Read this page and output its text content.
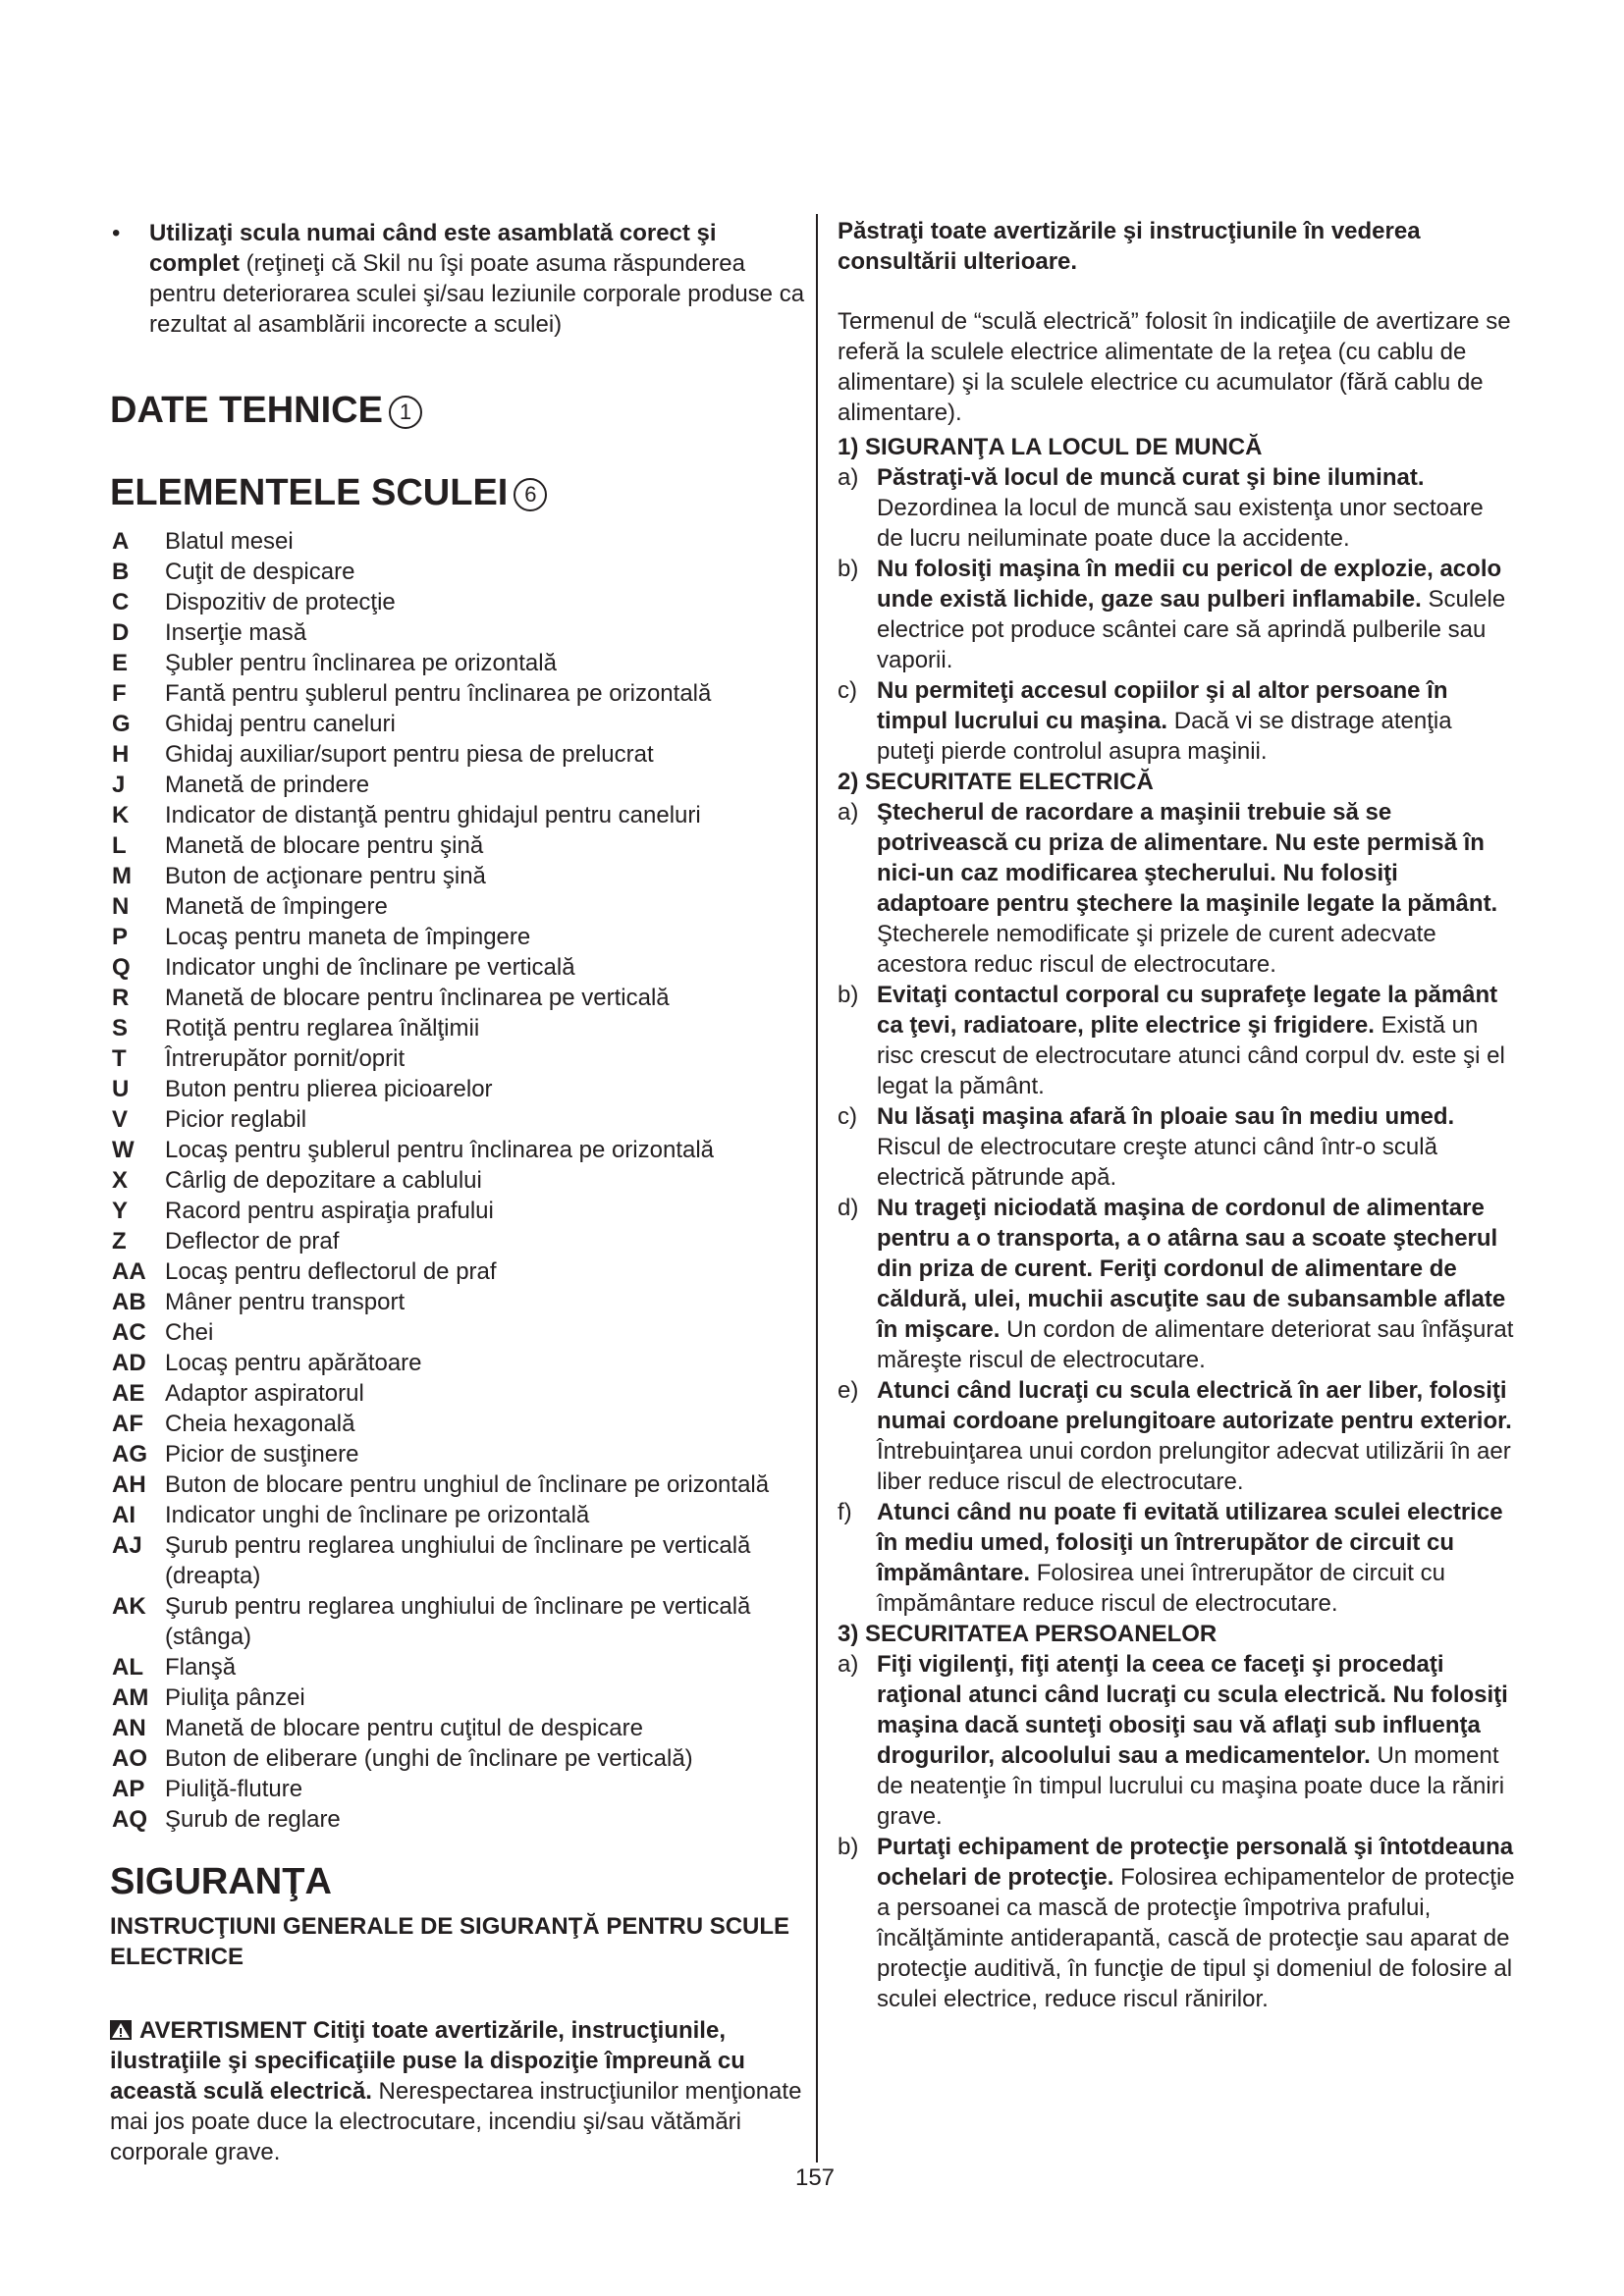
• Utilizaţi scula numai când este asamblată corect şi complet (reţineţi că Skil nu îşi poate asuma răspunderea pentru deteriorarea sculei şi/sau leziunile corporale produse ca rezultat al asamblării incorecte a sculei)
DATE TEHNICE 1
ELEMENTELE SCULEI 6
A Blatul mesei
B Cuţit de despicare
C Dispozitiv de protecţie
D Inserţie masă
E Şubler pentru înclinarea pe orizontală
F Fantă pentru şublerul pentru înclinarea pe orizontală
G Ghidaj pentru caneluri
H Ghidaj auxiliar/suport pentru piesa de prelucrat
J Manetă de prindere
K Indicator de distanţă pentru ghidajul pentru caneluri
L Manetă de blocare pentru şină
M Buton de acţionare pentru şină
N Manetă de împingere
P Locaş pentru maneta de împingere
Q Indicator unghi de înclinare pe verticală
R Manetă de blocare pentru înclinarea pe verticală
S Rotiţă pentru reglarea înălţimii
T Întrerupător pornit/oprit
U Buton pentru plierea picioarelor
V Picior reglabil
W Locaş pentru şublerul pentru înclinarea pe orizontală
X Cârlig de depozitare a cablului
Y Racord pentru aspiraţia prafului
Z Deflector de praf
AA Locaş pentru deflectorul de praf
AB Mâner pentru transport
AC Chei
AD Locaş pentru apărătoare
AE Adaptor aspiratorul
AF Cheia hexagonală
AG Picior de susţinere
AH Buton de blocare pentru unghiul de înclinare pe orizontală
AI Indicator unghi de înclinare pe orizontală
AJ Şurub pentru reglarea unghiului de înclinare pe verticală (dreapta)
AK Şurub pentru reglarea unghiului de înclinare pe verticală (stânga)
AL Flanşă
AM Piuliţa pânzei
AN Manetă de blocare pentru cuţitul de despicare
AO Buton de eliberare (unghi de înclinare pe verticală)
AP Piuliţă-fluture
AQ Şurub de reglare
SIGURANŢA
INSTRUCŢIUNI GENERALE DE SIGURANŢĂ PENTRU SCULE ELECTRICE

AVERTISMENT Citiţi toate avertizările, instrucţiunile, ilustraţiile şi specificaţiile puse la dispoziţie împreună cu această sculă electrică. Nerespectarea instrucţiunilor menţionate mai jos poate duce la electrocutare, incendiu şi/sau vătămări corporale grave.

Păstraţi toate avertizările şi instrucţiunile în vederea consultării ulterioare.

Termenul de “sculă electrică” folosit în indicaţiile de avertizare se referă la sculele electrice alimentate de la reţea (cu cablu de alimentare) şi la sculele electrice cu acumulator (fără cablu de alimentare).

1) SIGURANŢA LA LOCUL DE MUNCĂ
a) Păstraţi-vă locul de muncă curat şi bine iluminat. Dezordinea la locul de muncă sau existenţa unor sectoare de lucru neiluminate poate duce la accidente.
b) Nu folosiţi maşina în medii cu pericol de explozie, acolo unde există lichide, gaze sau pulberi inflamabile. Sculele electrice pot produce scântei care să aprindă pulberile sau vaporii.
c) Nu permiteţi accesul copiilor şi al altor persoane în timpul lucrului cu maşina. Dacă vi se distrage atenţia puteţi pierde controlul asupra maşinii.
2) SECURITATE ELECTRICĂ
a) Ştecherul de racordare a maşinii trebuie să se potrivească cu priza de alimentare. Nu este permisă în nici-un caz modificarea ştecherului. Nu folosiţi adaptoare pentru ştechere la maşinile legate la pământ. Ştecherele nemodificate şi prizele de curent adecvate acestora reduc riscul de electrocutare.
b) Evitaţi contactul corporal cu suprafeţe legate la pământ ca ţevi, radiatoare, plite electrice şi frigidere. Există un risc crescut de electrocutare atunci când corpul dv. este şi el legat la pământ.
c) Nu lăsaţi maşina afară în ploaie sau în mediu umed. Riscul de electrocutare creşte atunci când într-o sculă electrică pătrunde apă.
d) Nu trageţi niciodată maşina de cordonul de alimentare pentru a o transporta, a o atârna sau a scoate ştecherul din priza de curent. Feriţi cordonul de alimentare de căldură, ulei, muchii ascuţite sau de subansamble aflate în mişcare. Un cordon de alimentare deteriorat sau înfăşurat măreşte riscul de electrocutare.
e) Atunci când lucraţi cu scula electrică în aer liber, folosiţi numai cordoane prelungitoare autorizate pentru exterior. Întrebuinţarea unui cordon prelungitor adecvat utilizării în aer liber reduce riscul de electrocutare.
f) Atunci când nu poate fi evitată utilizarea sculei electrice în mediu umed, folosiţi un întrerupător de circuit cu împământare. Folosirea unei întrerupător de circuit cu împământare reduce riscul de electrocutare.
3) SECURITATEA PERSOANELOR
a) Fiţi vigilenţi, fiţi atenţi la ceea ce faceţi şi procedaţi raţional atunci când lucraţi cu scula electrică. Nu folosiţi maşina dacă sunteţi obosiţi sau vă aflaţi sub influenţa drogurilor, alcoolului sau a medicamentelor. Un moment de neatenţie în timpul lucrului cu maşina poate duce la răniri grave.
b) Purtaţi echipament de protecţie personală şi întotdeauna ochelari de protecţie. Folosirea echipamentelor de protecţie a persoanei ca mască de protecţie împotriva prafului, încălţăminte antiderapantă, cască de protecţie sau aparat de protecţie auditivă, în funcţie de tipul şi domeniul de folosire al sculei electrice, reduce riscul rănirilor.
157
